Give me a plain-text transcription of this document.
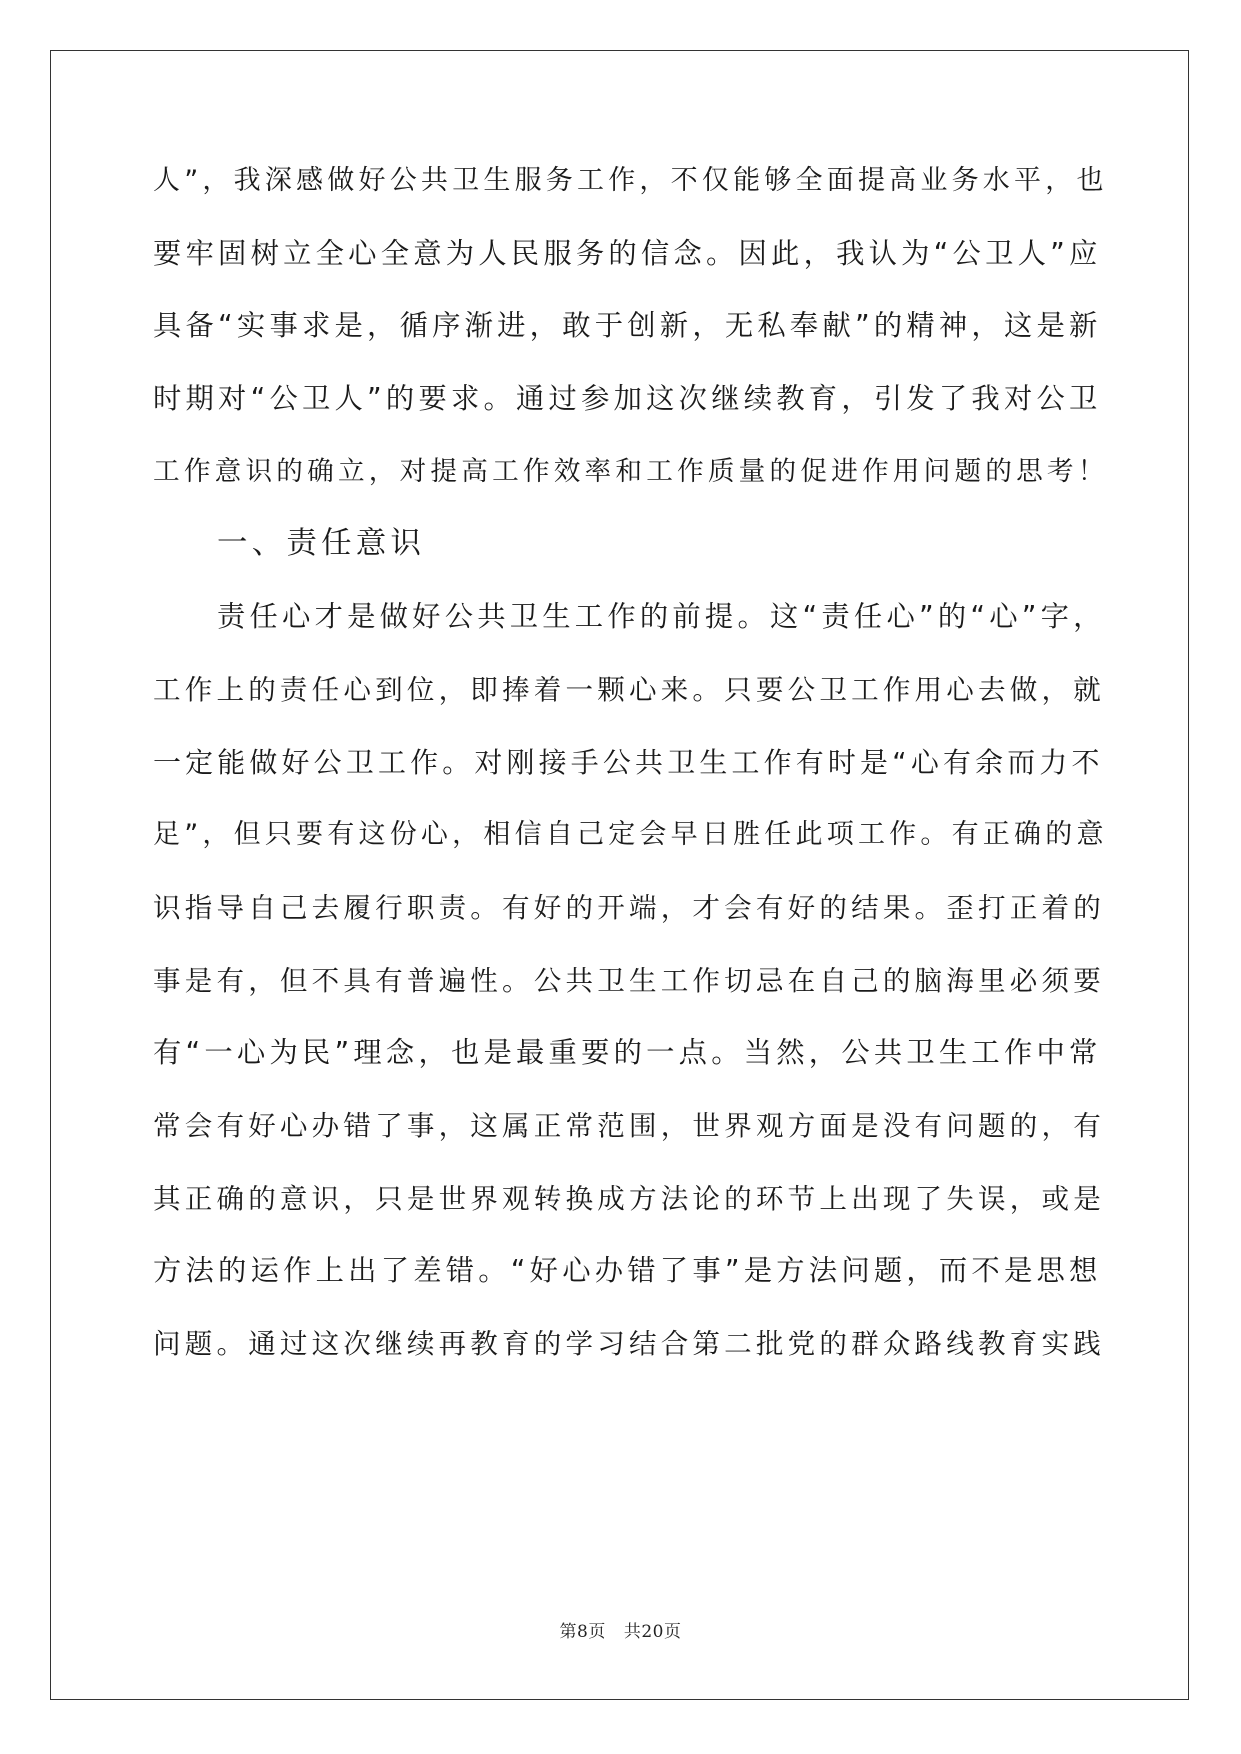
人”，我深感做好公共卫生服务工作，不仅能够全面提高业务水平，也
要牢固树立全心全意为人民服务的信念。因此，我认为“公卫人”应
具备“实事求是，循序渐进，敢于创新，无私奉献”的精神，这是新
时期对“公卫人”的要求。通过参加这次继续教育，引发了我对公卫
工作意识的确立，对提高工作效率和工作质量的促进作用问题的思考！
一、责任意识
责任心才是做好公共卫生工作的前提。这“责任心”的“心”字，
工作上的责任心到位，即捧着一颗心来。只要公卫工作用心去做，就
一定能做好公卫工作。对刚接手公共卫生工作有时是“心有余而力不
足”，但只要有这份心，相信自己定会早日胜任此项工作。有正确的意
识指导自己去履行职责。有好的开端，才会有好的结果。歪打正着的
事是有，但不具有普遍性。公共卫生工作切忌在自己的脑海里必须要
有“一心为民”理念，也是最重要的一点。当然，公共卫生工作中常
常会有好心办错了事，这属正常范围，世界观方面是没有问题的，有
其正确的意识，只是世界观转换成方法论的环节上出现了失误，或是
方法的运作上出了差错。“好心办错了事”是方法问题，而不是思想
问题。通过这次继续再教育的学习结合第二批党的群众路线教育实践
第8页 共20页
